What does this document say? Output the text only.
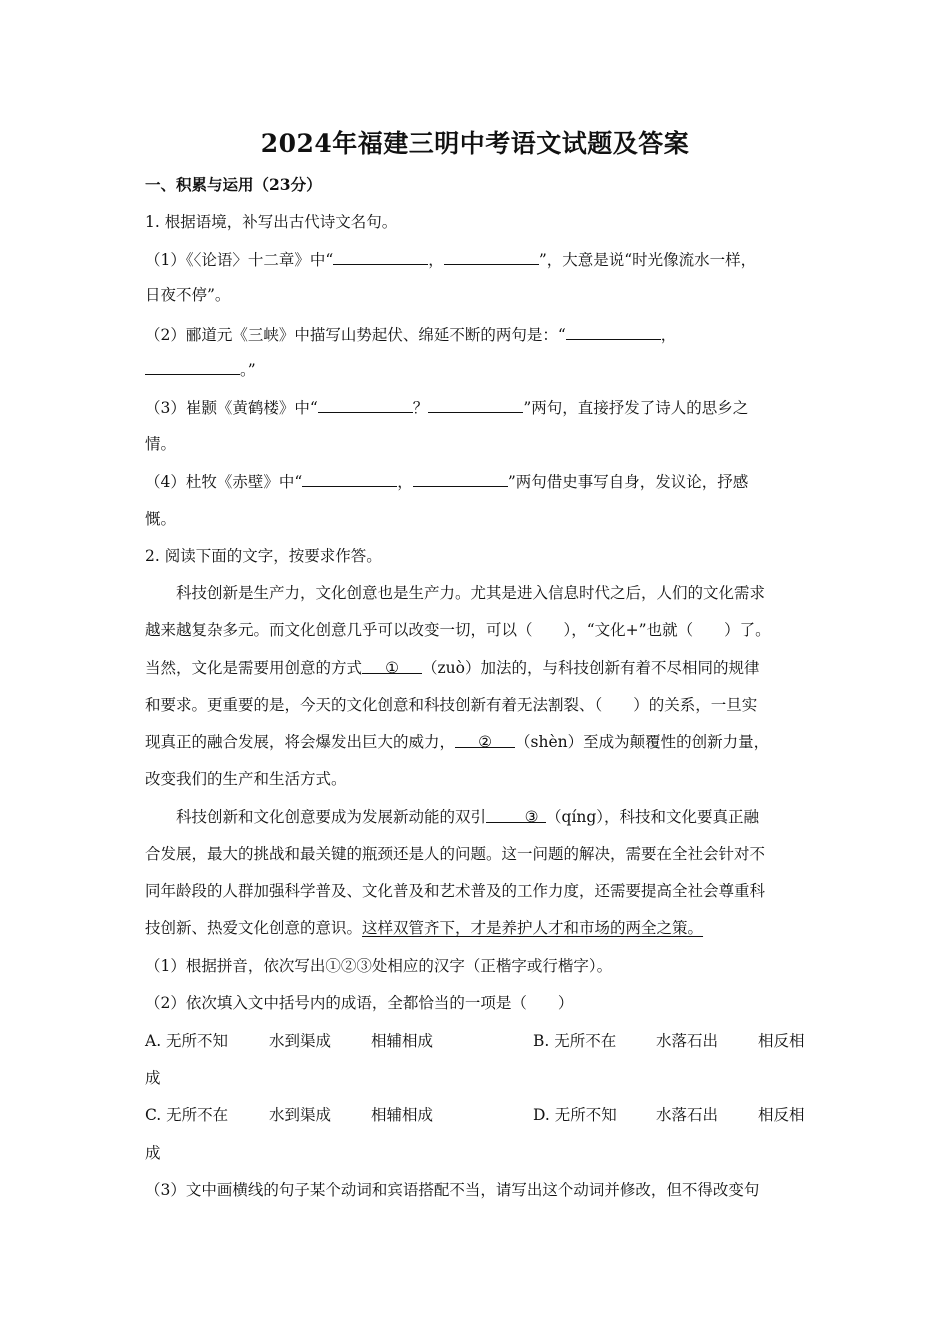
2024年福建三明中考语文试题及答案
一、积累与运用（23分）
1. 根据语境，补写出古代诗文名句。
（1）《〈论语〉十二章》中“	，	”，大意是说“时光像流水一样，
日夜不停”。
（2）郦道元《三峡》中描写山势起伏、绵延不断的两句是：“	，
。”
（3）崔颢《黄鹤楼》中“	？	”两句，直接抒发了诗人的思乡之
情。
（4）杜牧《赤壁》中“	，	”两句借史事写自身，发议论，抒感
慨。
2. 阅读下面的文字，按要求作答。
科技创新是生产力，文化创意也是生产力。尤其是进入信息时代之后，人们的文化需求
越来越复杂多元。而文化创意几乎可以改变一切，可以（　　），“文化+”也就（　　）了。
当然，文化是需要用创意的方式 ① （zuò）加法的，与科技创新有着不尽相同的规律
和要求。更重要的是，今天的文化创意和科技创新有着无法割裂、（　　）的关系，一旦实
现真正的融合发展，将会爆发出巨大的威力， ② （shèn）至成为颠覆性的创新力量，
改变我们的生产和生活方式。
科技创新和文化创意要成为发展新动能的双引 ③ （qíng），科技和文化要真正融
合发展，最大的挑战和最关键的瓶颈还是人的问题。这一问题的解决，需要在全社会针对不
同年龄段的人群加强科学普及、文化普及和艺术普及的工作力度，还需要提高全社会尊重科
技创新、热爱文化创意的意识。这样双管齐下，才是养护人才和市场的两全之策。
（1）根据拼音，依次写出①②③处相应的汉字（正楷字或行楷字）。
（2）依次填入文中括号内的成语，全都恰当的一项是（　　）
A. 无所不知	水到渠成	相辅相成	B. 无所不在	水落石出	相反相
成
C. 无所不在	水到渠成	相辅相成	D. 无所不知	水落石出	相反相
成
（3）文中画横线的句子某个动词和宾语搭配不当，请写出这个动词并修改，但不得改变句
